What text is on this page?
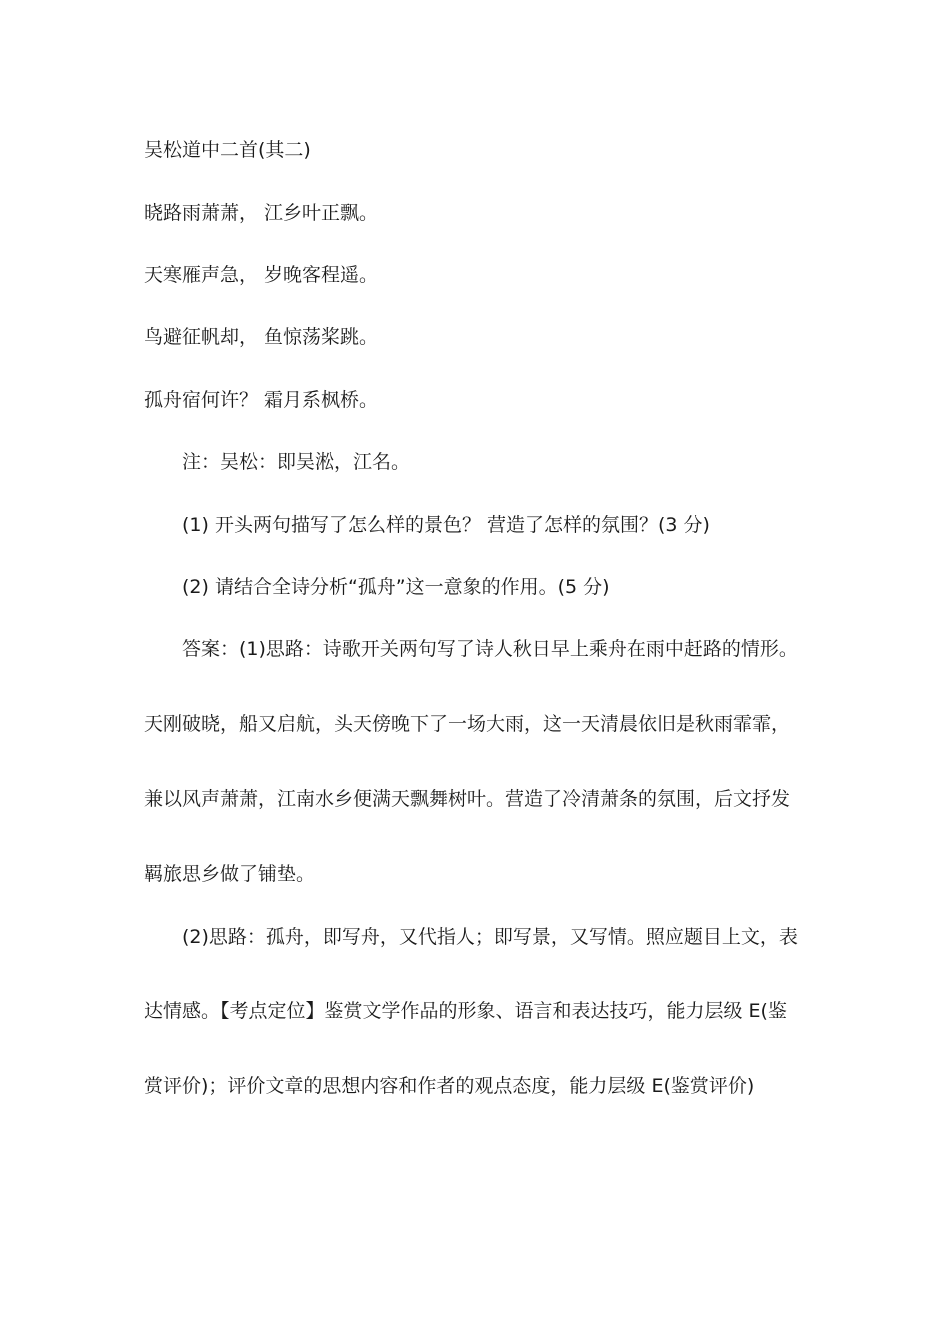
吴松道中二首(其二)
晓路雨萧萧， 江乡叶正飘。
天寒雁声急， 岁晚客程遥。
鸟避征帆却， 鱼惊荡桨跳。
孤舟宿何许？ 霜月系枫桥。
注：吴松：即吴淞，江名。
(1) 开头两句描写了怎么样的景色？ 营造了怎样的氛围？(3 分)
(2) 请结合全诗分析“孤舟”这一意象的作用。(5 分)
答案：(1)思路：诗歌开关两句写了诗人秋日早上乘舟在雨中赶路的情形。
天刚破晓，船又启航，头天傍晚下了一场大雨，这一天清晨依旧是秋雨霏霏，
兼以风声萧萧，江南水乡便满天飘舞树叶。营造了冷清萧条的氛围，后文抒发
羁旅思乡做了铺垫。
(2)思路：孤舟，即写舟，又代指人；即写景，又写情。照应题目上文，表
达情感。【考点定位】鉴赏文学作品的形象、语言和表达技巧，能力层级 E(鉴
赏评价)；评价文章的思想内容和作者的观点态度，能力层级 E(鉴赏评价)
